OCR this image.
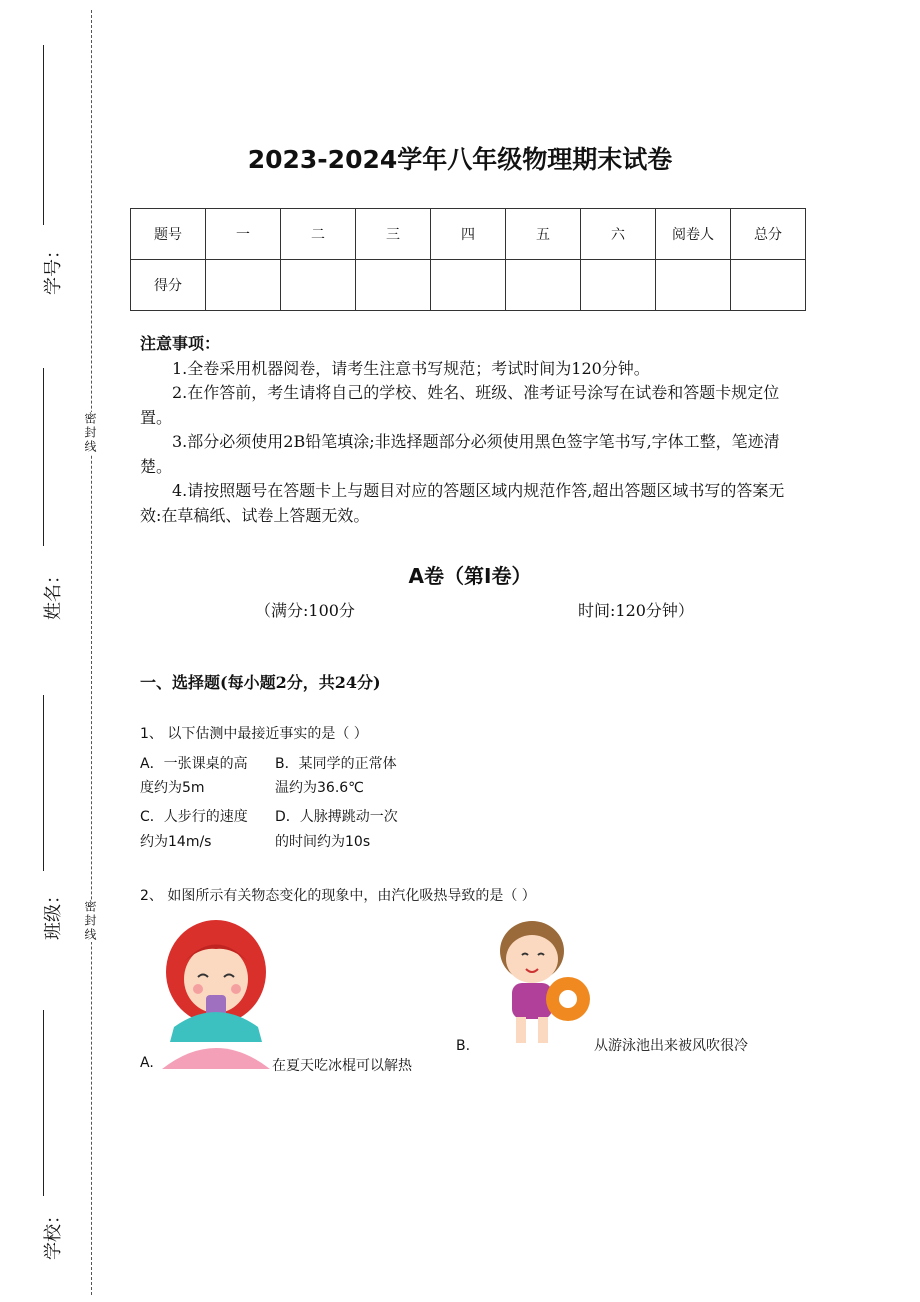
学号：
姓名：
班级：
学校：
密封线
密封线
2023-2024学年八年级物理期末试卷
题号	一	二	三	四	五	六	阅卷人	总分
得分								
注意事项：

1.全卷采用机器阅卷，请考生注意书写规范；考试时间为120分钟。

2.在作答前，考生请将自己的学校、姓名、班级、准考证号涂写在试卷和答题卡规定位置。

3.部分必须使用2B铅笔填涂;非选择题部分必须使用黑色签字笔书写,字体工整，笔迹清楚。

4.请按照题号在答题卡上与题目对应的答题区域内规范作答,超出答题区域书写的答案无效:在草稿纸、试卷上答题无效。

A卷（第I卷）
（满分:100分	时间:120分钟）
一、选择题(每小题2分，共24分)
1、 以下估测中最接近事实的是（ ）
A．一张课桌的高
度约为5m
B．某同学的正常体
温约为36.6℃
C．人步行的速度
约为14m/s
D．人脉搏跳动一次
的时间约为10s
2、 如图所示有关物态变化的现象中，由汽化吸热导致的是（ ）
A.	在夏天吃冰棍可以解热
B.	从游泳池出来被风吹很冷
